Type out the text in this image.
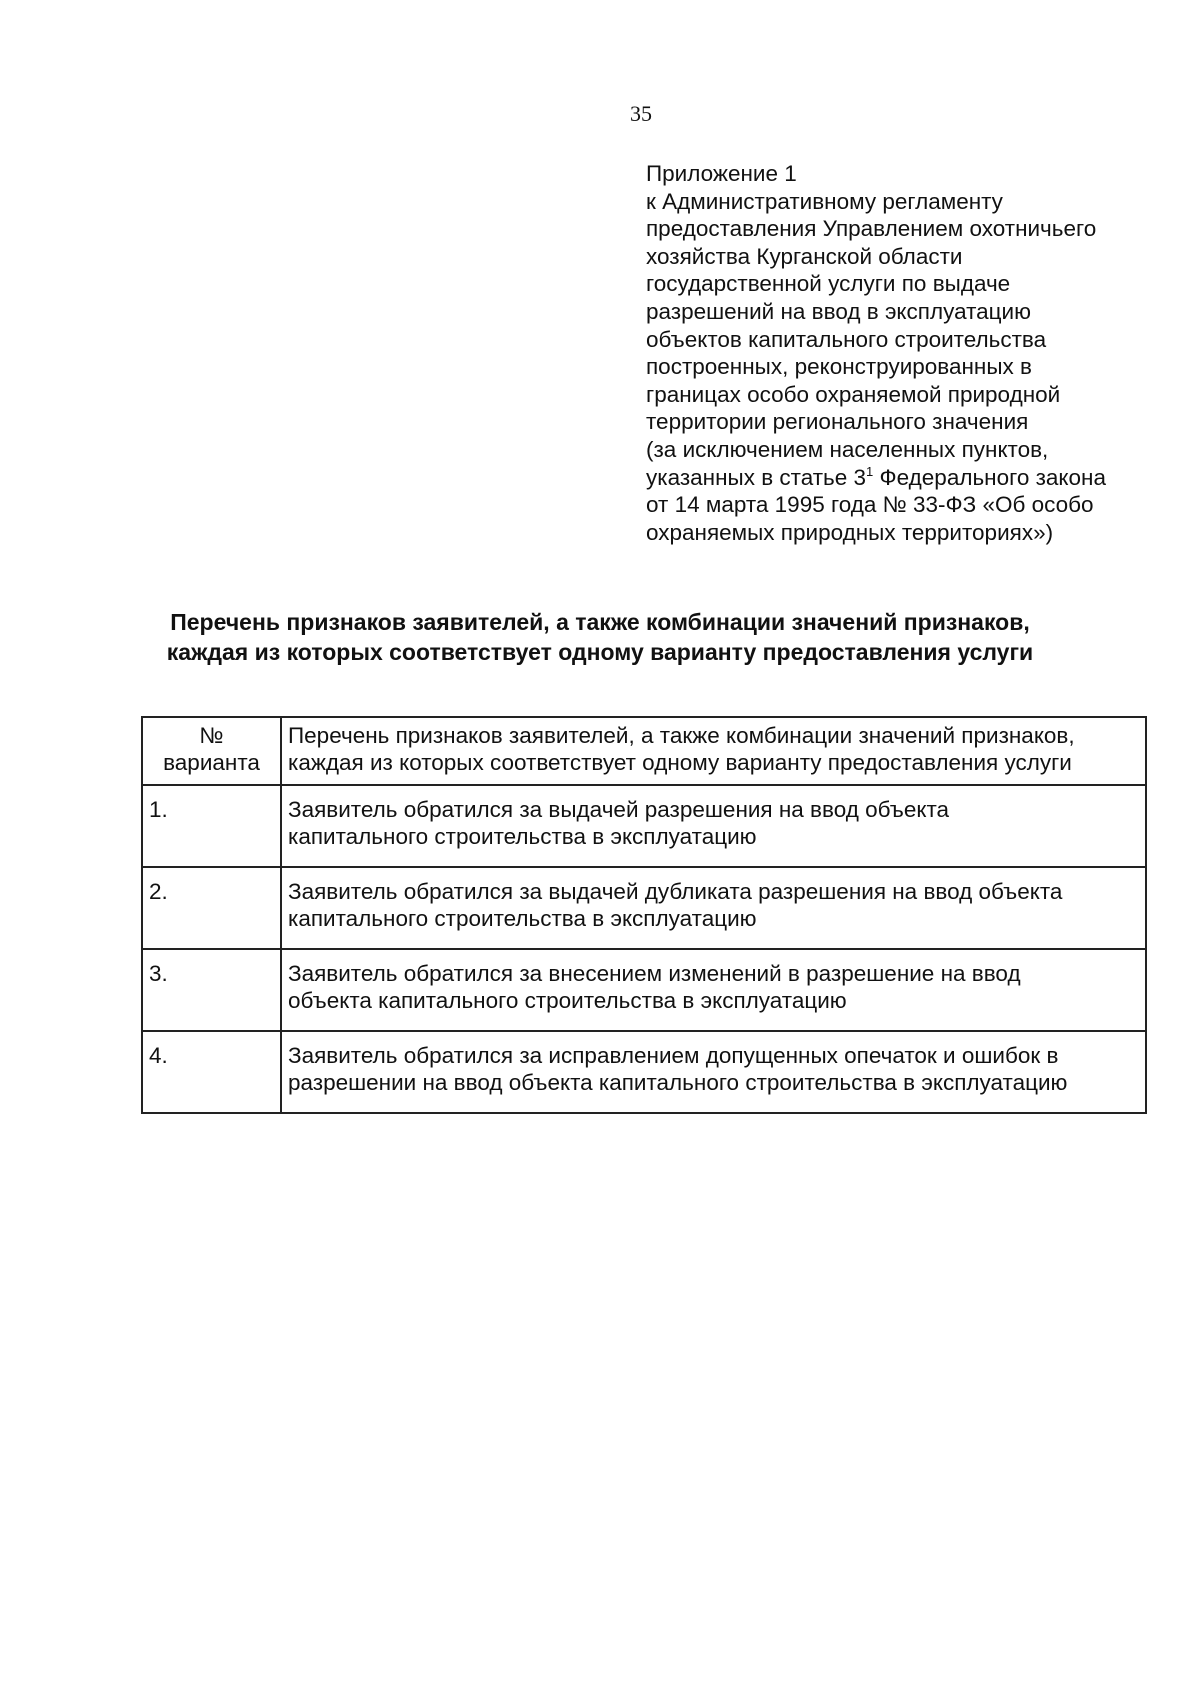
35
Приложение 1
к Административному регламенту
предоставления Управлением охотничьего
хозяйства Курганской области
государственной услуги по выдаче
разрешений на ввод в эксплуатацию
объектов капитального строительства
построенных, реконструированных в
границах особо охраняемой природной
территории регионального значения
(за исключением населенных пунктов,
указанных в статье $3^1$ Федерального закона
от 14 марта 1995 года № 33-ФЗ «Об особо
охраняемых природных территориях»)
Перечень признаков заявителей, а также комбинации значений признаков,
каждая из которых соответствует одному варианту предоставления услуги
№
варианта	Перечень признаков заявителей, а также комбинации значений признаков,
каждая из которых соответствует одному варианту предоставления услуги

1.	Заявитель обратился за выдачей разрешения на ввод объекта
капитального строительства в эксплуатацию

2.	Заявитель обратился за выдачей дубликата разрешения на ввод объекта
капитального строительства в эксплуатацию

3.	Заявитель обратился за внесением изменений в разрешение на ввод
объекта капитального строительства в эксплуатацию

4.	Заявитель обратился за исправлением допущенных опечаток и ошибок в
разрешении на ввод объекта капитального строительства в эксплуатацию
